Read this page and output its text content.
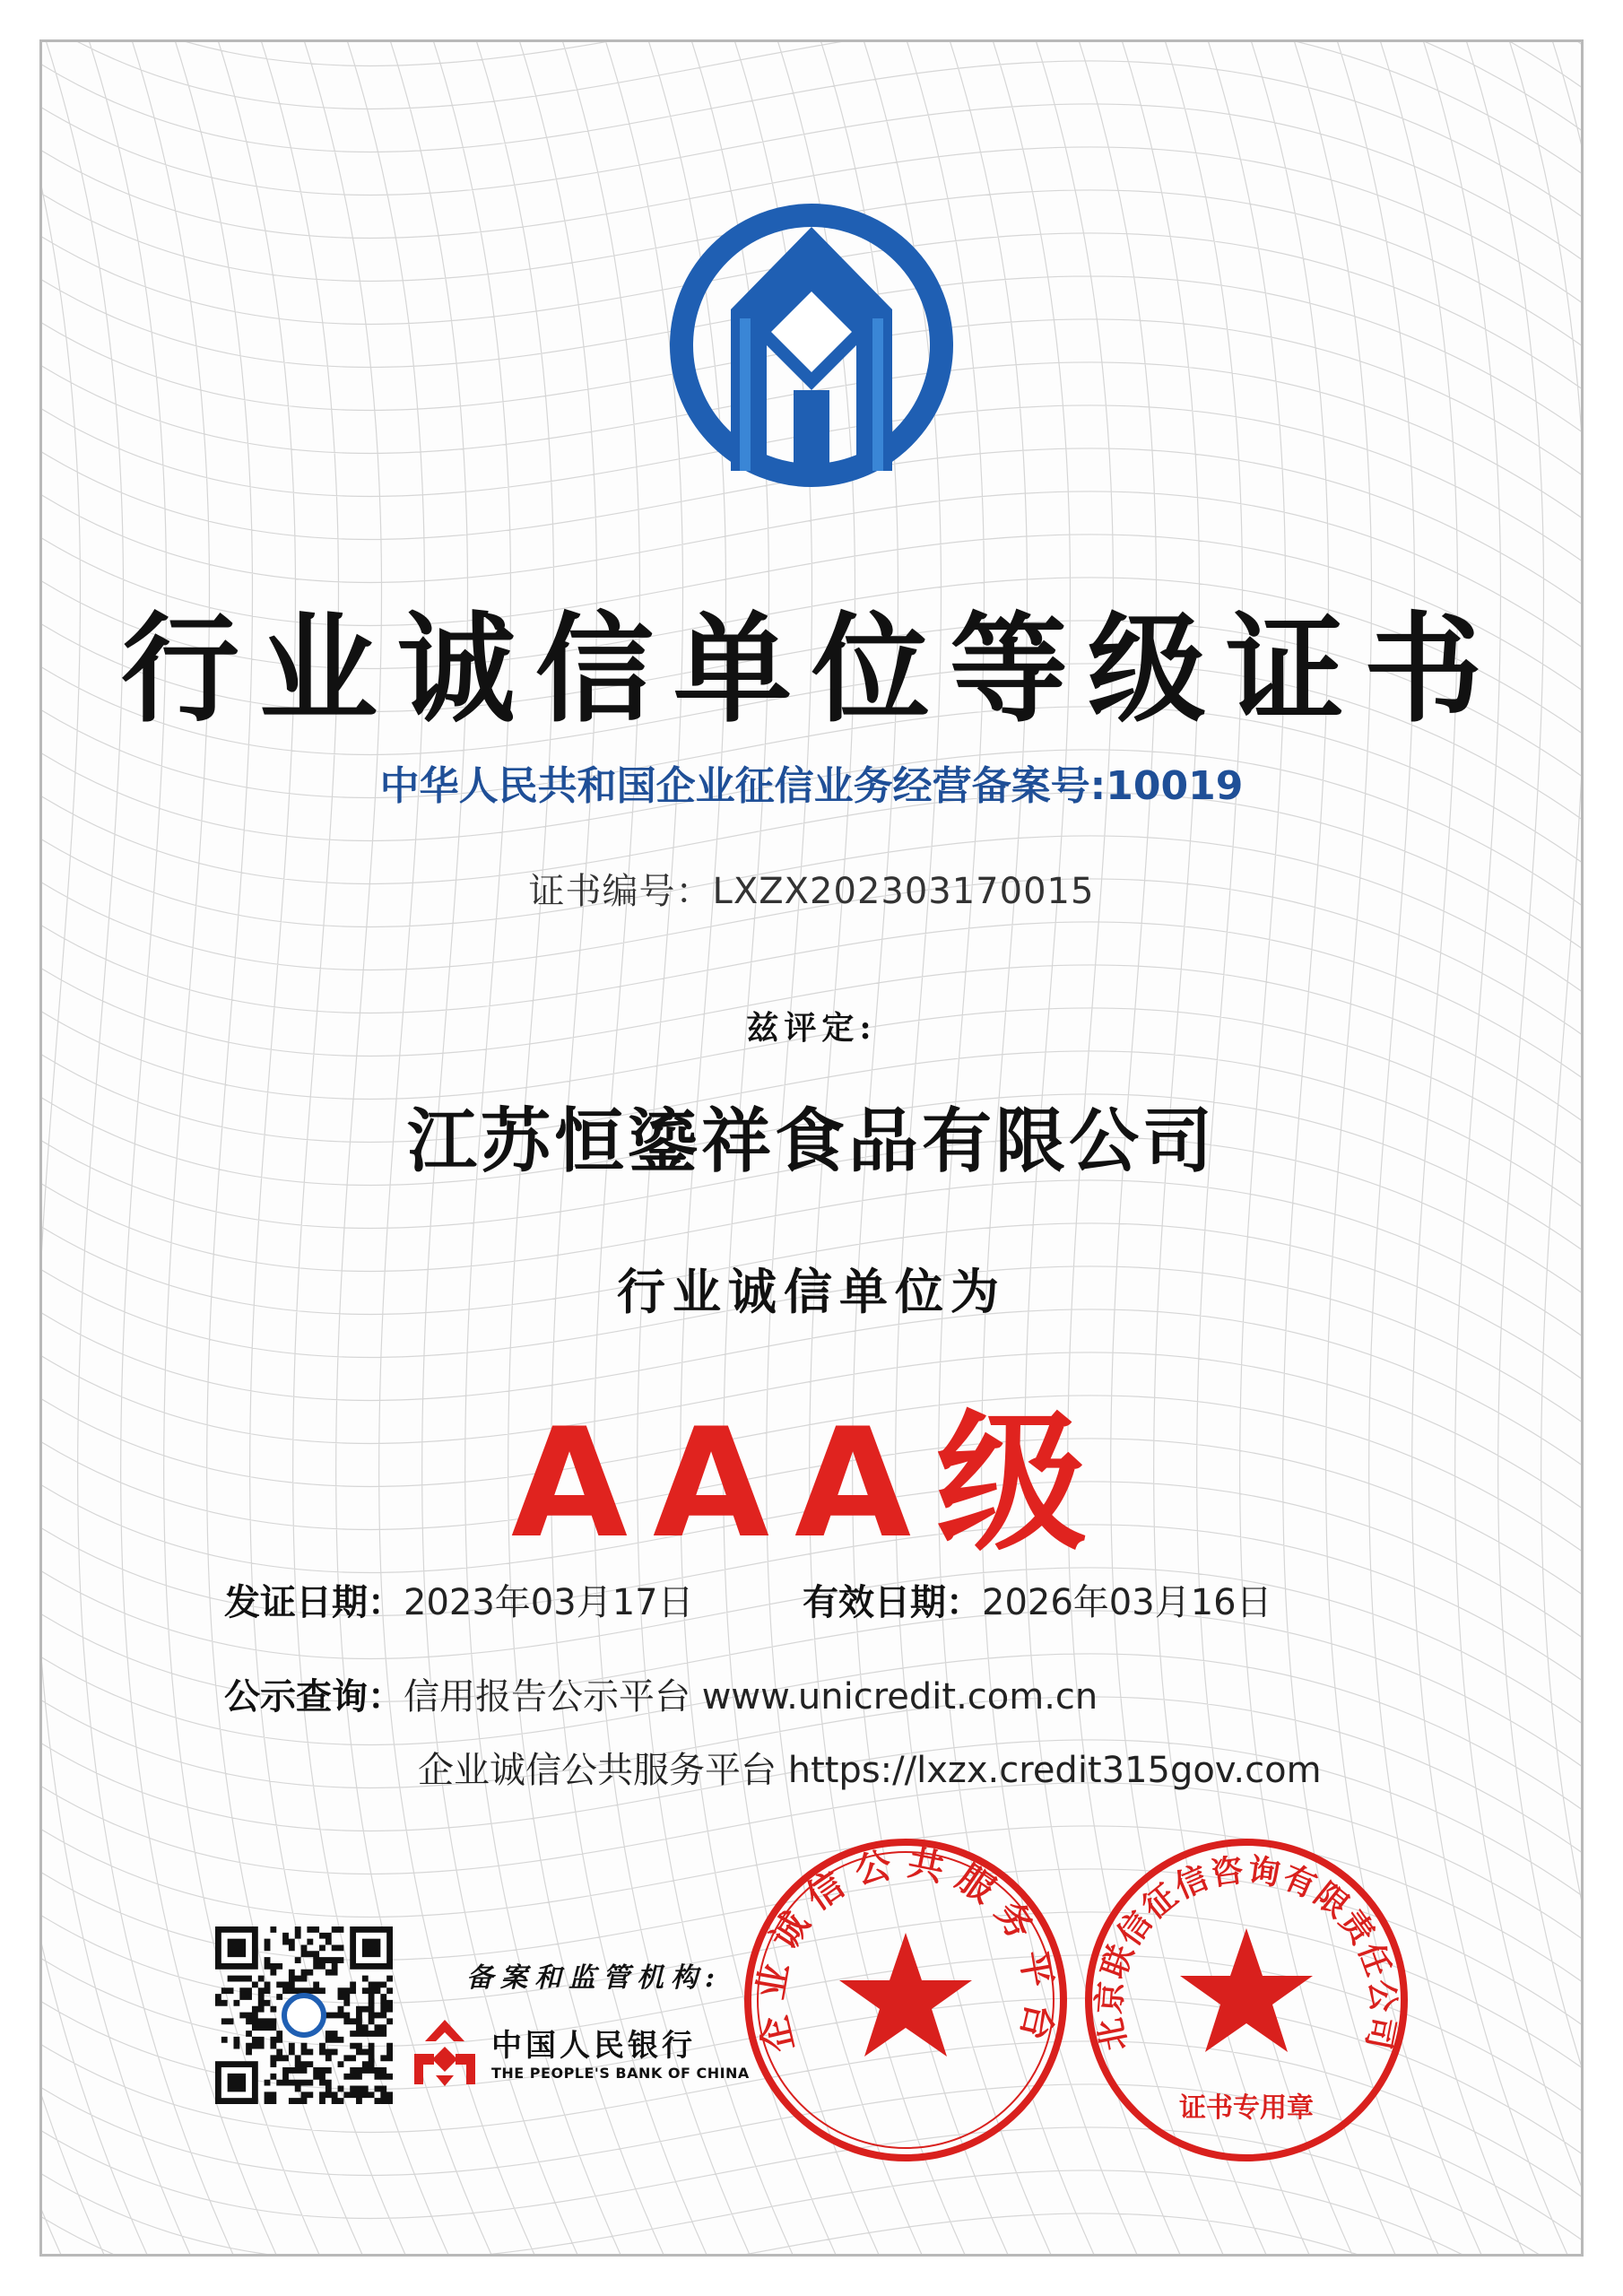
行业诚信单位等级证书
中华人民共和国企业征信业务经营备案号:10019
证书编号：LXZX202303170015
兹评定:
江苏恒鎏祥食品有限公司
行业诚信单位为
AAA级
发证日期：2023年03月17日	有效日期：2026年03月16日
公示查询：信用报告公示平台 www.unicredit.com.cn
企业诚信公共服务平台 https://lxzx.credit315gov.com
备案和监管机构:
中国人民银行
THE PEOPLE'S BANK OF CHINA
企业诚信公共服务平台 北京联信征信咨询有限责任公司
证书专用章
